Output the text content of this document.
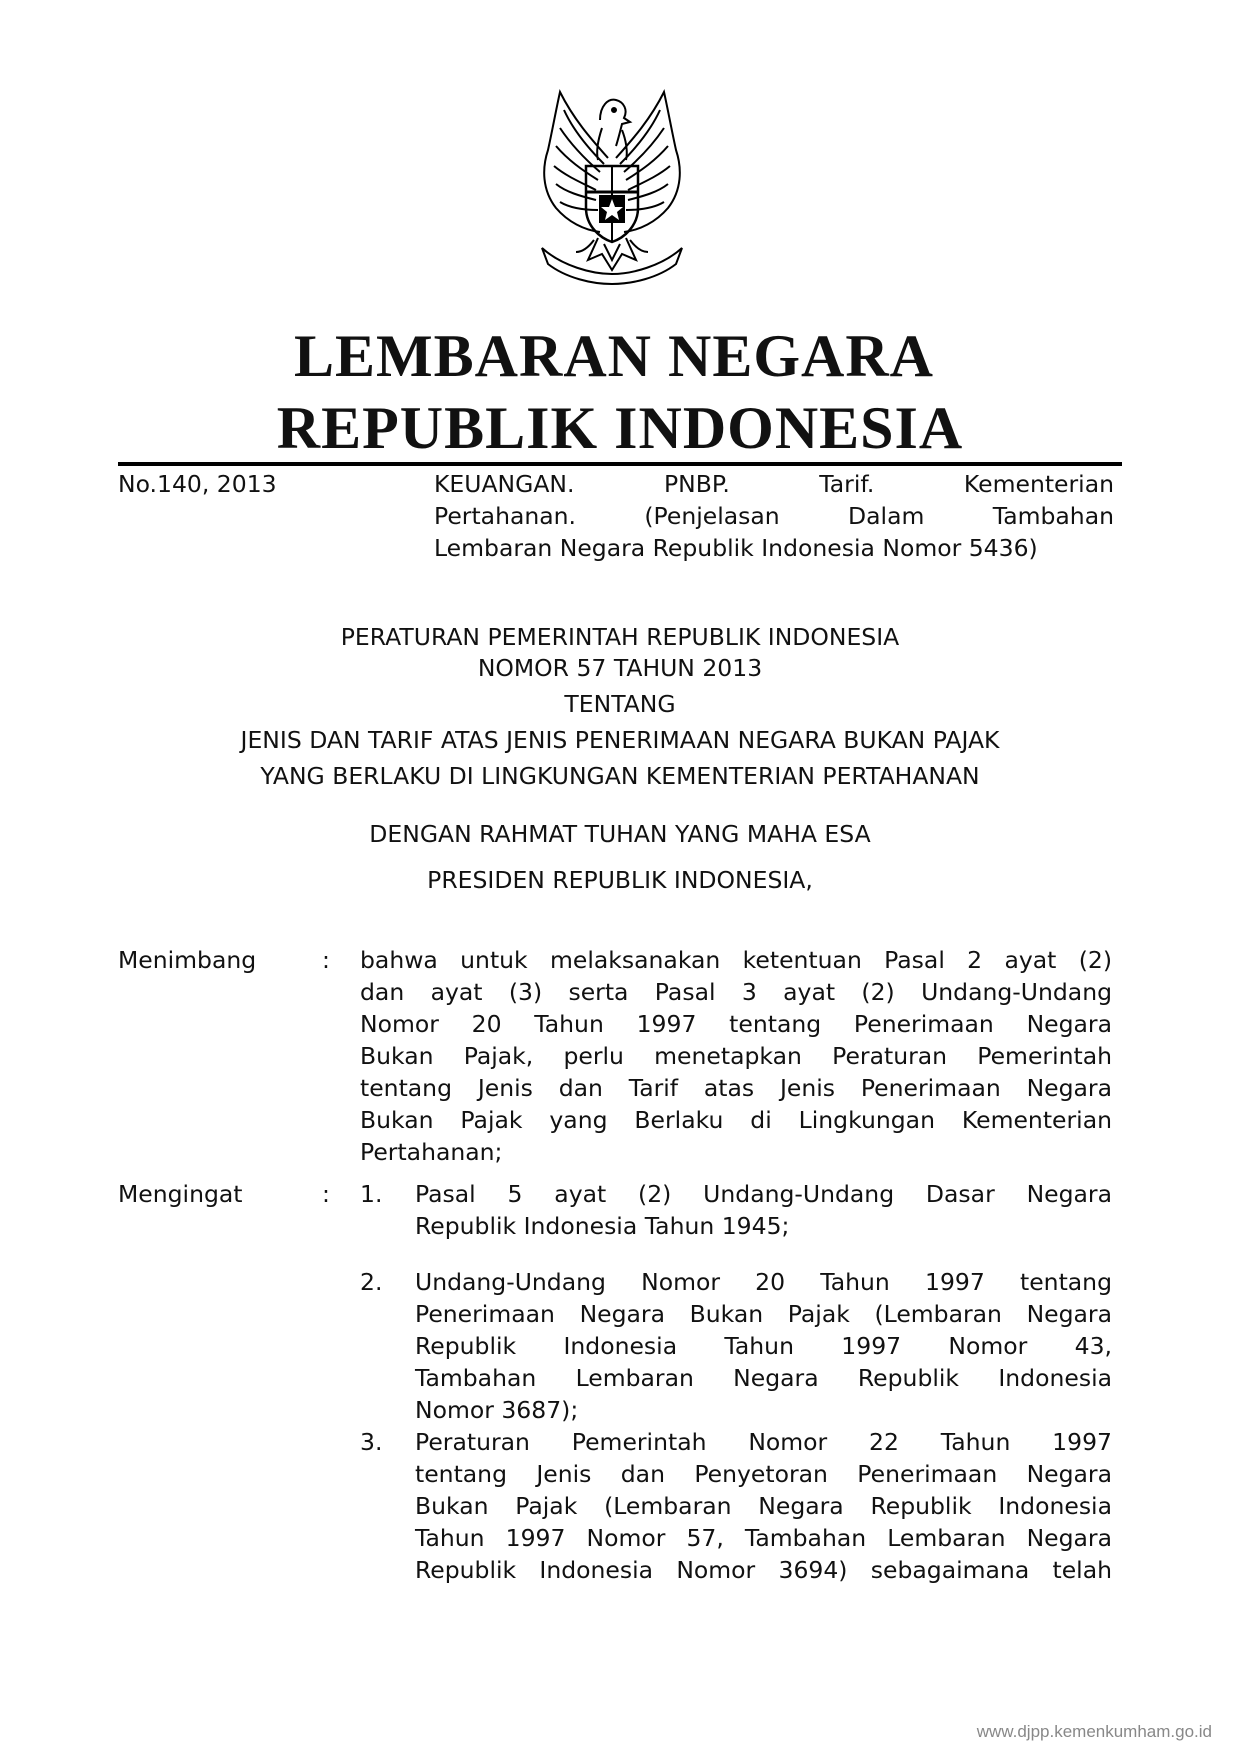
LEMBARAN NEGARA
REPUBLIK INDONESIA
No.140, 2013	KEUANGAN. PNBP. Tarif. Kementerian
Pertahanan. (Penjelasan Dalam Tambahan
Lembaran Negara Republik Indonesia Nomor 5436)
PERATURAN PEMERINTAH REPUBLIK INDONESIA
NOMOR 57 TAHUN 2013
TENTANG
JENIS DAN TARIF ATAS JENIS PENERIMAAN NEGARA BUKAN PAJAK
YANG BERLAKU DI LINGKUNGAN KEMENTERIAN PERTAHANAN
DENGAN RAHMAT TUHAN YANG MAHA ESA
PRESIDEN REPUBLIK INDONESIA,
Menimbang	: bahwa untuk melaksanakan ketentuan Pasal 2 ayat (2)
dan ayat (3) serta Pasal 3 ayat (2) Undang-Undang
Nomor 20 Tahun 1997 tentang Penerimaan Negara
Bukan Pajak, perlu menetapkan Peraturan Pemerintah
tentang Jenis dan Tarif atas Jenis Penerimaan Negara
Bukan Pajak yang Berlaku di Lingkungan Kementerian
Pertahanan;
Mengingat	: 1. Pasal 5 ayat (2) Undang-Undang Dasar Negara
Republik Indonesia Tahun 1945;
2. Undang-Undang Nomor 20 Tahun 1997 tentang
Penerimaan Negara Bukan Pajak (Lembaran Negara
Republik Indonesia Tahun 1997 Nomor 43,
Tambahan Lembaran Negara Republik Indonesia
Nomor 3687);
3. Peraturan Pemerintah Nomor 22 Tahun 1997
tentang Jenis dan Penyetoran Penerimaan Negara
Bukan Pajak (Lembaran Negara Republik Indonesia
Tahun 1997 Nomor 57, Tambahan Lembaran Negara
Republik Indonesia Nomor 3694) sebagaimana telah
www.djpp.kemenkumham.go.id
